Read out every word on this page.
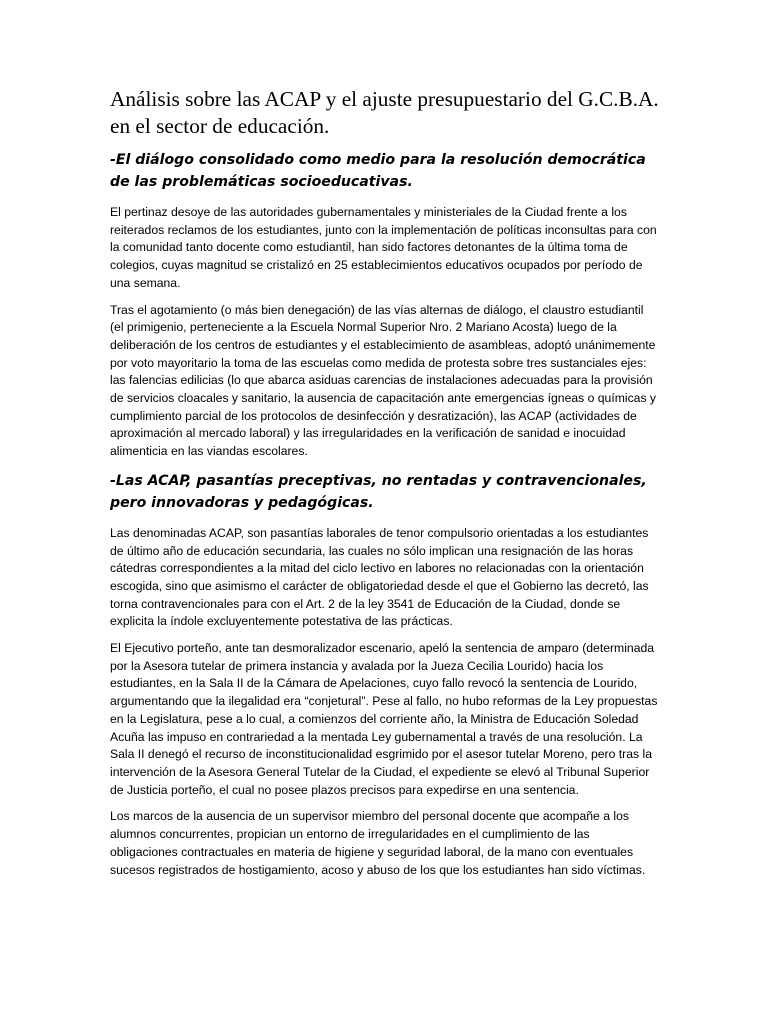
Análisis sobre las ACAP y el ajuste presupuestario del G.C.B.A. en el sector de educación.
-El diálogo consolidado como medio para la resolución democrática de las problemáticas socioeducativas.

El pertinaz desoye de las autoridades gubernamentales y ministeriales de la Ciudad frente a los reiterados reclamos de los estudiantes, junto con la implementación de políticas inconsultas para con la comunidad tanto docente como estudiantil, han sido factores detonantes de la última toma de colegios, cuyas magnitud se cristalizó en 25 establecimientos educativos ocupados por período de una semana.

Tras el agotamiento (o más bien denegación) de las vías alternas de diálogo, el claustro estudiantil (el primigenio, perteneciente a la Escuela Normal Superior Nro. 2 Mariano Acosta) luego de la deliberación de los centros de estudiantes y el establecimiento de asambleas, adoptó unánimemente por voto mayoritario la toma de las escuelas como medida de protesta sobre tres sustanciales ejes: las falencias edilicias (lo que abarca asiduas carencias de instalaciones adecuadas para la provisión de servicios cloacales y sanitario, la ausencia de capacitación ante emergencias ígneas o químicas y cumplimiento parcial de los protocolos de desinfección y desratización), las ACAP (actividades de aproximación al mercado laboral) y las irregularidades en la verificación de sanidad e inocuidad alimenticia en las viandas escolares.

-Las ACAP, pasantías preceptivas, no rentadas y contravencionales, pero innovadoras y pedagógicas.

Las denominadas ACAP, son pasantías laborales de tenor compulsorio orientadas a los estudiantes de último año de educación secundaria, las cuales no sólo implican una resignación de las horas cátedras correspondientes a la mitad del ciclo lectivo en labores no relacionadas con la orientación escogida, sino que asimismo el carácter de obligatoriedad desde el que el Gobierno las decretó, las torna contravencionales para con el Art. 2 de la ley 3541 de Educación de la Ciudad, donde se explicita la índole excluyentemente potestativa de las prácticas.

El Ejecutivo porteño, ante tan desmoralizador escenario, apeló la sentencia de amparo (determinada por la Asesora tutelar de primera instancia y avalada por la Jueza Cecilia Lourido) hacia los estudiantes, en la Sala II de la Cámara de Apelaciones, cuyo fallo revocó la sentencia de Lourido, argumentando que la ilegalidad era “conjetural”. Pese al fallo, no hubo reformas de la Ley propuestas en la Legislatura, pese a lo cual, a comienzos del corriente año, la Ministra de Educación Soledad Acuña las impuso en contrariedad a la mentada Ley gubernamental a través de una resolución. La Sala II denegó el recurso de inconstitucionalidad esgrimido por el asesor tutelar Moreno, pero tras la intervención de la Asesora General Tutelar de la Ciudad, el expediente se elevó al Tribunal Superior de Justicia porteño, el cual no posee plazos precisos para expedirse en una sentencia.

Los marcos de la ausencia de un supervisor miembro del personal docente que acompañe a los alumnos concurrentes, propician un entorno de irregularidades en el cumplimiento de las obligaciones contractuales en materia de higiene y seguridad laboral, de la mano con eventuales sucesos registrados de hostigamiento, acoso y abuso de los que los estudiantes han sido víctimas.
